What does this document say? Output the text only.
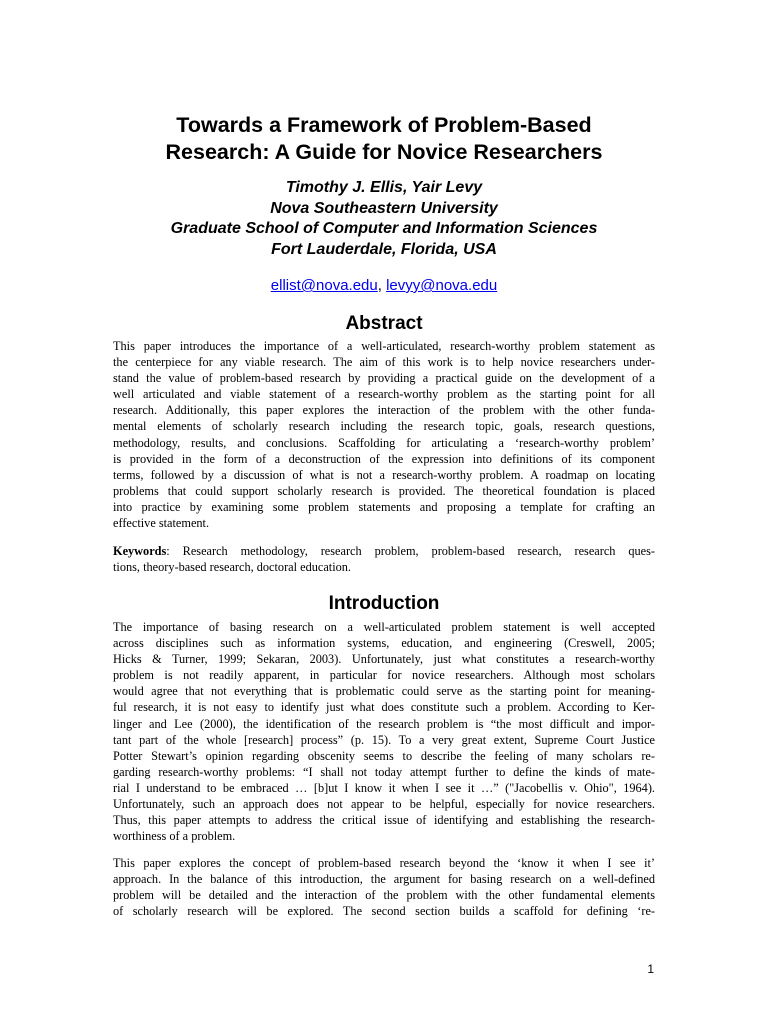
Towards a Framework of Problem-Based
Research: A Guide for Novice Researchers
Timothy J. Ellis, Yair Levy
Nova Southeastern University
Graduate School of Computer and Information Sciences
Fort Lauderdale, Florida, USA
ellist@nova.edu, levyy@nova.edu
Abstract

This paper introduces the importance of a well-articulated, research-worthy problem statement as
the centerpiece for any viable research. The aim of this work is to help novice researchers under-
stand the value of problem-based research by providing a practical guide on the development of a
well articulated and viable statement of a research-worthy problem as the starting point for all
research. Additionally, this paper explores the interaction of the problem with the other funda-
mental elements of scholarly research including the research topic, goals, research questions,
methodology, results, and conclusions. Scaffolding for articulating a ‘research-worthy problem’
is provided in the form of a deconstruction of the expression into definitions of its component
terms, followed by a discussion of what is not a research-worthy problem. A roadmap on locating
problems that could support scholarly research is provided. The theoretical foundation is placed
into practice by examining some problem statements and proposing a template for crafting an
effective statement.

Keywords: Research methodology, research problem, problem-based research, research ques-
tions, theory-based research, doctoral education.

Introduction

The importance of basing research on a well-articulated problem statement is well accepted
across disciplines such as information systems, education, and engineering (Creswell, 2005;
Hicks & Turner, 1999; Sekaran, 2003). Unfortunately, just what constitutes a research-worthy
problem is not readily apparent, in particular for novice researchers. Although most scholars
would agree that not everything that is problematic could serve as the starting point for meaning-
ful research, it is not easy to identify just what does constitute such a problem. According to Ker-
linger and Lee (2000), the identification of the research problem is “the most difficult and impor-
tant part of the whole [research] process” (p. 15). To a very great extent, Supreme Court Justice
Potter Stewart’s opinion regarding obscenity seems to describe the feeling of many scholars re-
garding research-worthy problems: “I shall not today attempt further to define the kinds of mate-
rial I understand to be embraced … [b]ut I know it when I see it …” ("Jacobellis v. Ohio", 1964).
Unfortunately, such an approach does not appear to be helpful, especially for novice researchers.
Thus, this paper attempts to address the critical issue of identifying and establishing the research-
worthiness of a problem.

This paper explores the concept of problem-based research beyond the ‘know it when I see it’
approach. In the balance of this introduction, the argument for basing research on a well-defined
problem will be detailed and the interaction of the problem with the other fundamental elements
of scholarly research will be explored. The second section builds a scaffold for defining ‘re-

1
